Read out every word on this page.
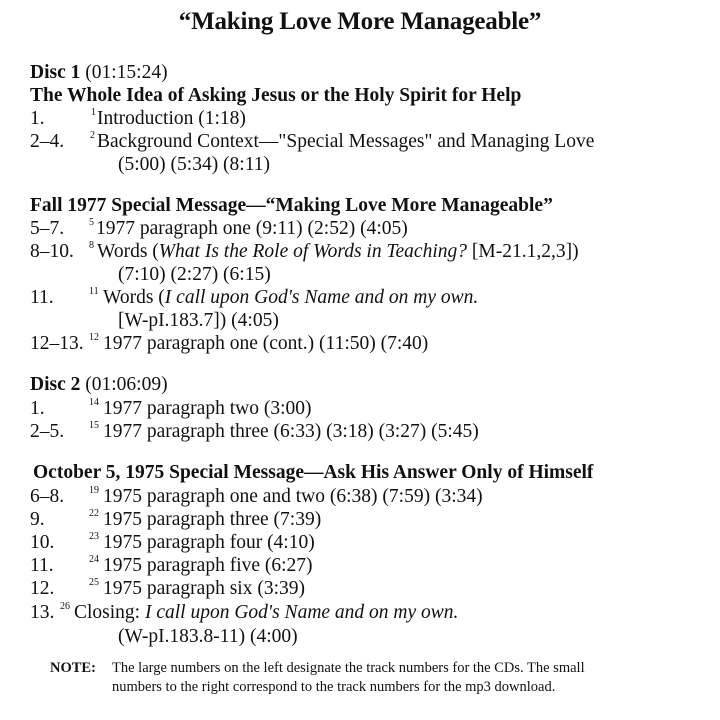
“Making Love More Manageable”
Disc 1 (01:15:24)
The Whole Idea of Asking Jesus or the Holy Spirit for Help
1.	1 Introduction (1:18)
2–4.	2 Background Context—"Special Messages" and Managing Love
(5:00) (5:34) (8:11)
Fall 1977 Special Message—“Making Love More Manageable”
5–7. 5 1977 paragraph one (9:11) (2:52) (4:05)
8–10. 8 Words (What Is the Role of Words in Teaching? [M-21.1,2,3])
(7:10) (2:27) (6:15)
11.	11 Words (I call upon God's Name and on my own.
[W-pI.183.7]) (4:05)
12–13. 12 1977 paragraph one (cont.) (11:50) (7:40)
Disc 2 (01:06:09)
1.	14 1977 paragraph two (3:00)
2–5. 15 1977 paragraph three (6:33) (3:18) (3:27) (5:45)
October 5, 1975 Special Message—Ask His Answer Only of Himself
6–8. 19 1975 paragraph one and two (6:38) (7:59) (3:34)
9.	22 1975 paragraph three (7:39)
10.	23 1975 paragraph four (4:10)
11.	24 1975 paragraph five (6:27)
12.	25 1975 paragraph six (3:39)
13. 26 Closing: I call upon God's Name and on my own.
(W-pI.183.8-11) (4:00)
NOTE: The large numbers on the left designate the track numbers for the CDs. The small
numbers to the right correspond to the track numbers for the mp3 download.
